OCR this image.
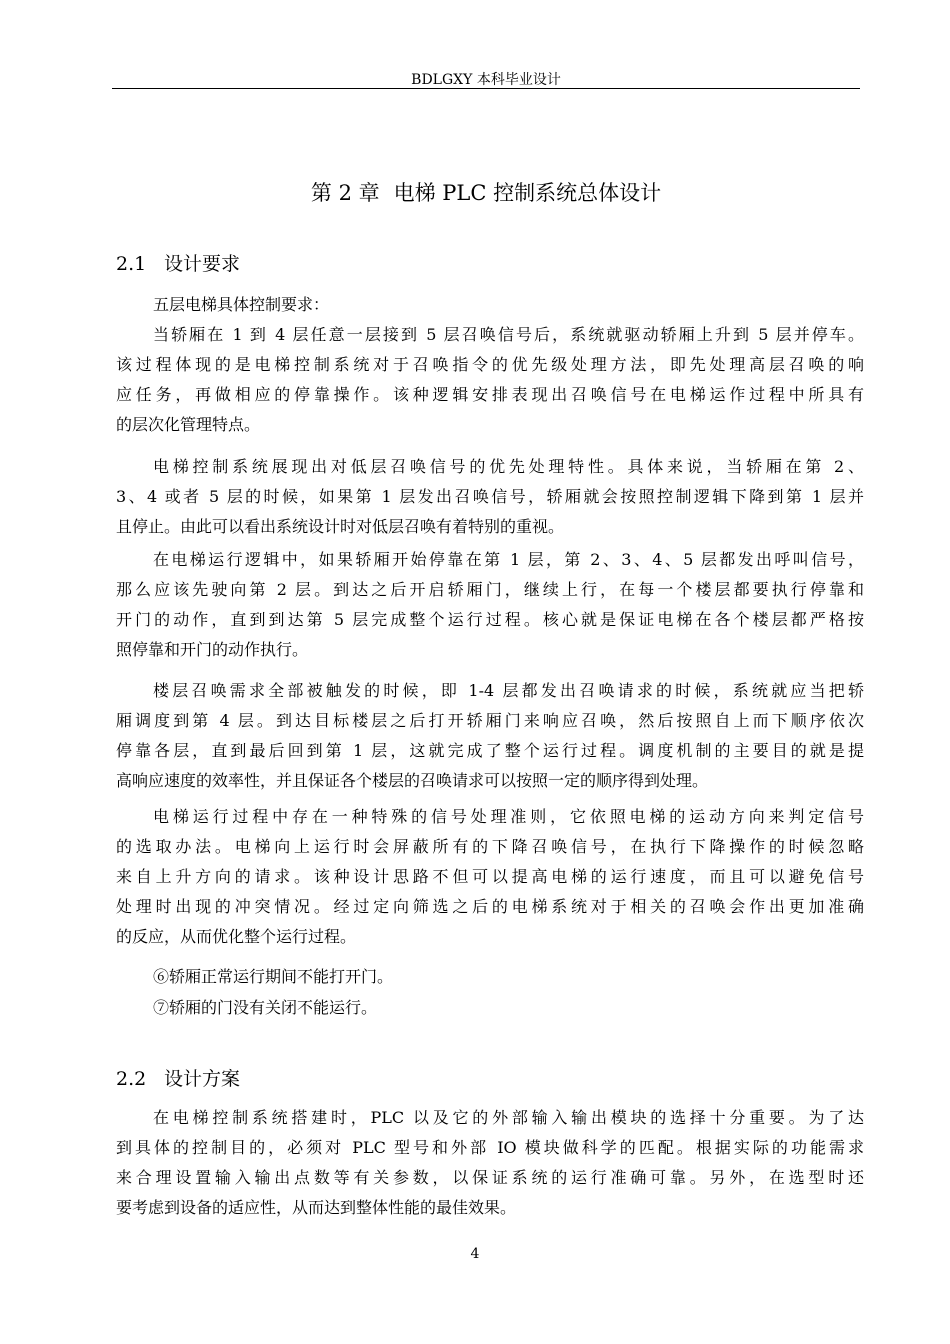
BDLGXY 本科毕业设计
第 2 章 电梯 PLC 控制系统总体设计
2.1 设计要求
五层电梯具体控制要求：
当轿厢在 1 到 4 层任意一层接到 5 层召唤信号后，系统就驱动轿厢上升到 5 层并停车。
该过程体现的是电梯控制系统对于召唤指令的优先级处理方法，即先处理高层召唤的响
应任务，再做相应的停靠操作。该种逻辑安排表现出召唤信号在电梯运作过程中所具有
的层次化管理特点。
电梯控制系统展现出对低层召唤信号的优先处理特性。具体来说，当轿厢在第 2、
3、4 或者 5 层的时候，如果第 1 层发出召唤信号，轿厢就会按照控制逻辑下降到第 1 层并
且停止。由此可以看出系统设计时对低层召唤有着特别的重视。
在电梯运行逻辑中，如果轿厢开始停靠在第 1 层，第 2、3、4、5 层都发出呼叫信号，
那么应该先驶向第 2 层。到达之后开启轿厢门，继续上行，在每一个楼层都要执行停靠和
开门的动作，直到到达第 5 层完成整个运行过程。核心就是保证电梯在各个楼层都严格按
照停靠和开门的动作执行。
楼层召唤需求全部被触发的时候，即 1-4 层都发出召唤请求的时候，系统就应当把轿
厢调度到第 4 层。到达目标楼层之后打开轿厢门来响应召唤，然后按照自上而下顺序依次
停靠各层，直到最后回到第 1 层，这就完成了整个运行过程。调度机制的主要目的就是提
高响应速度的效率性，并且保证各个楼层的召唤请求可以按照一定的顺序得到处理。
电梯运行过程中存在一种特殊的信号处理准则，它依照电梯的运动方向来判定信号
的选取办法。电梯向上运行时会屏蔽所有的下降召唤信号，在执行下降操作的时候忽略
来自上升方向的请求。该种设计思路不但可以提高电梯的运行速度，而且可以避免信号
处理时出现的冲突情况。经过定向筛选之后的电梯系统对于相关的召唤会作出更加准确
的反应，从而优化整个运行过程。
⑥轿厢正常运行期间不能打开门。
⑦轿厢的门没有关闭不能运行。
2.2 设计方案
在电梯控制系统搭建时，PLC 以及它的外部输入输出模块的选择十分重要。为了达
到具体的控制目的，必须对 PLC 型号和外部 IO 模块做科学的匹配。根据实际的功能需求
来合理设置输入输出点数等有关参数，以保证系统的运行准确可靠。另外，在选型时还
要考虑到设备的适应性，从而达到整体性能的最佳效果。
4
